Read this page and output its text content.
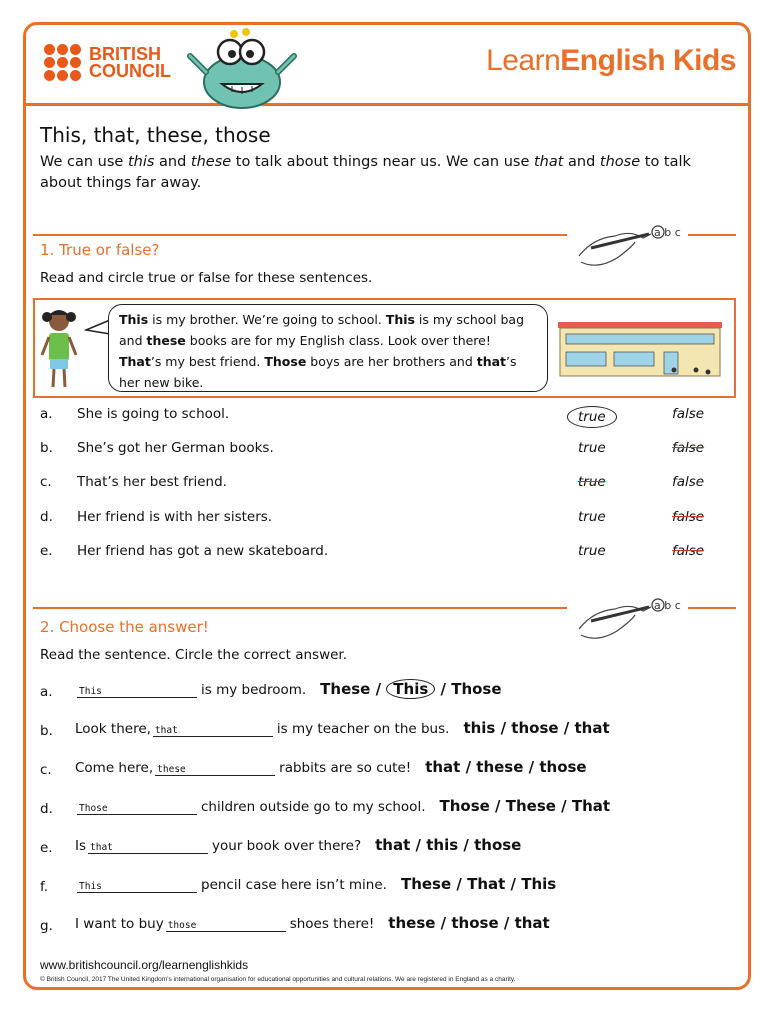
BRITISH
COUNCIL	LearnEnglish Kids
This, that, these, those
We can use this and these to talk about things near us. We can use that and those to talk about things far away.
a b c
1. True or false?
Read and circle true or false for these sentences.
This is my brother. We’re going to school. This is my school bag and these books are for my English class. Look over there! That’s my best friend. Those boys are her brothers and that’s her new bike.
a. She is going to school.	true	false
b. She’s got her German books.	true	false
c. That’s her best friend.	true	false
d. Her friend is with her sisters.	true	false
e. Her friend has got a new skateboard.	true	false
a b c
2. Choose the answer!
Read the sentence. Circle the correct answer.
a.	This	is my bedroom. These / This / Those
b. Look there, that	is my teacher on the bus. this / those / that
c. Come here, these	rabbits are so cute! that / these / those
d.	Those	children outside go to my school. Those / These / That
e. Is that	your book over there? that / this / those
f.	This	pencil case here isn’t mine. These / That / This
g. I want to buy those	shoes there! these / those / that
www.britishcouncil.org/learnenglishkids
© British Council, 2017 The United Kingdom’s international organisation for educational opportunities and cultural relations. We are registered in England as a charity.
